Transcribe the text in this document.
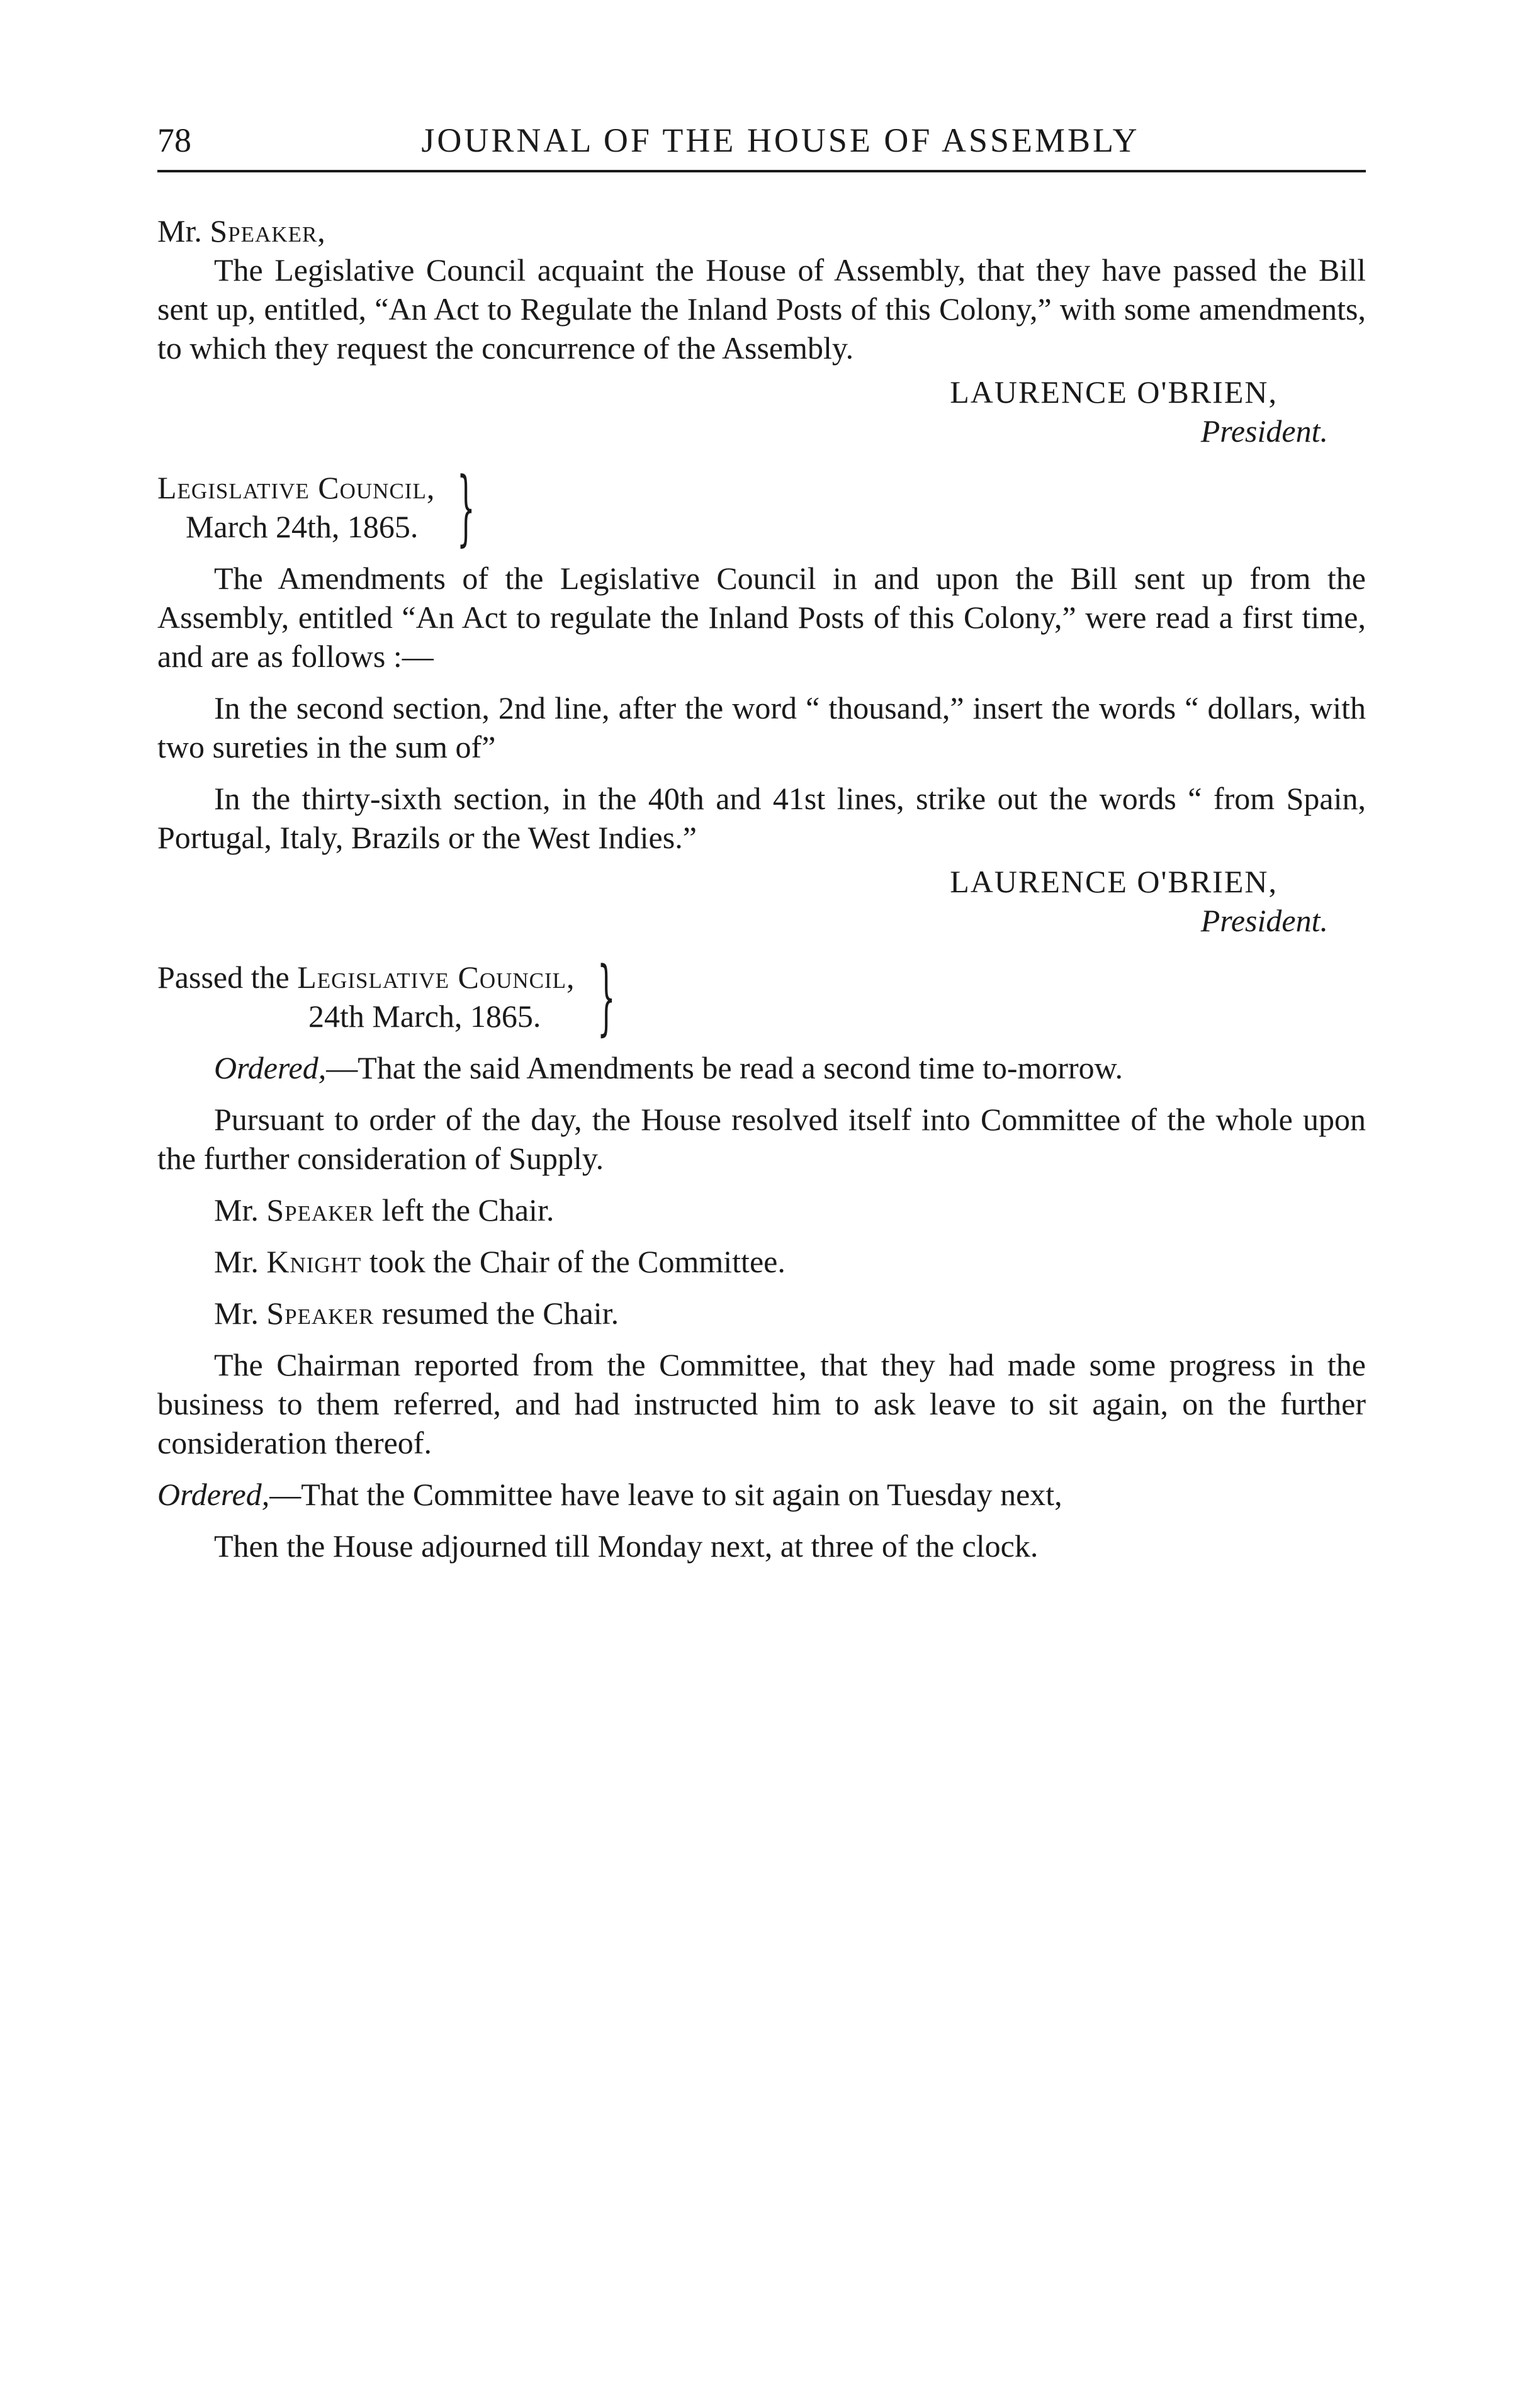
78	JOURNAL OF THE HOUSE OF ASSEMBLY
Mr. Speaker,

The Legislative Council acquaint the House of Assembly, that they have passed the Bill sent up, entitled, “An Act to Regulate the Inland Posts of this Colony,” with some amendments, to which they request the concurrence of the Assembly.

LAURENCE O'BRIEN,
President.
Legislative Council,
March 24th, 1865. }

The Amendments of the Legislative Council in and upon the Bill sent up from the Assembly, entitled “An Act to regulate the Inland Posts of this Colony,” were read a first time, and are as follows :—

In the second section, 2nd line, after the word “ thousand,” insert the words “ dollars, with two sureties in the sum of”

In the thirty-sixth section, in the 40th and 41st lines, strike out the words “ from Spain, Portugal, Italy, Brazils or the West Indies.”

LAURENCE O'BRIEN,
President.
Passed the Legislative Council,
24th March, 1865. }

Ordered,—That the said Amendments be read a second time to-morrow.

Pursuant to order of the day, the House resolved itself into Committee of the whole upon the further consideration of Supply.

Mr. Speaker left the Chair.

Mr. Knight took the Chair of the Committee.

Mr. Speaker resumed the Chair.

The Chairman reported from the Committee, that they had made some progress in the business to them referred, and had instructed him to ask leave to sit again, on the further consideration thereof.

Ordered,—That the Committee have leave to sit again on Tuesday next,

Then the House adjourned till Monday next, at three of the clock.
